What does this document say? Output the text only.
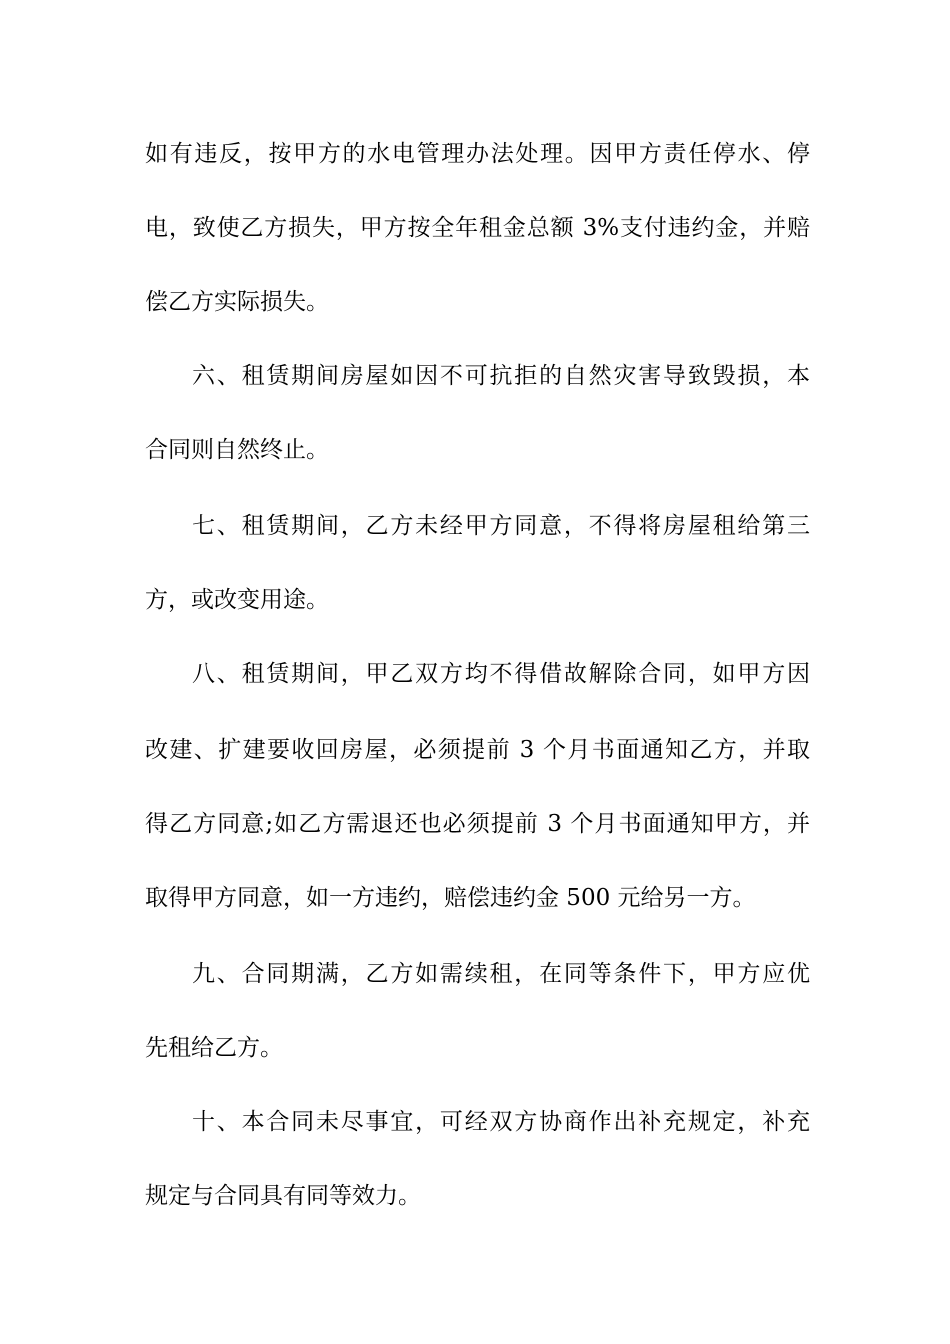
如有违反，按甲方的水电管理办法处理。因甲方责任停水、停
电，致使乙方损失，甲方按全年租金总额 3%支付违约金，并赔
偿乙方实际损失。
六、租赁期间房屋如因不可抗拒的自然灾害导致毁损，本
合同则自然终止。
七、租赁期间，乙方未经甲方同意，不得将房屋租给第三
方，或改变用途。
八、租赁期间，甲乙双方均不得借故解除合同，如甲方因
改建、扩建要收回房屋，必须提前 3 个月书面通知乙方，并取
得乙方同意;如乙方需退还也必须提前 3 个月书面通知甲方，并
取得甲方同意，如一方违约，赔偿违约金 500 元给另一方。
九、合同期满，乙方如需续租，在同等条件下，甲方应优
先租给乙方。
十、本合同未尽事宜，可经双方协商作出补充规定，补充
规定与合同具有同等效力。
